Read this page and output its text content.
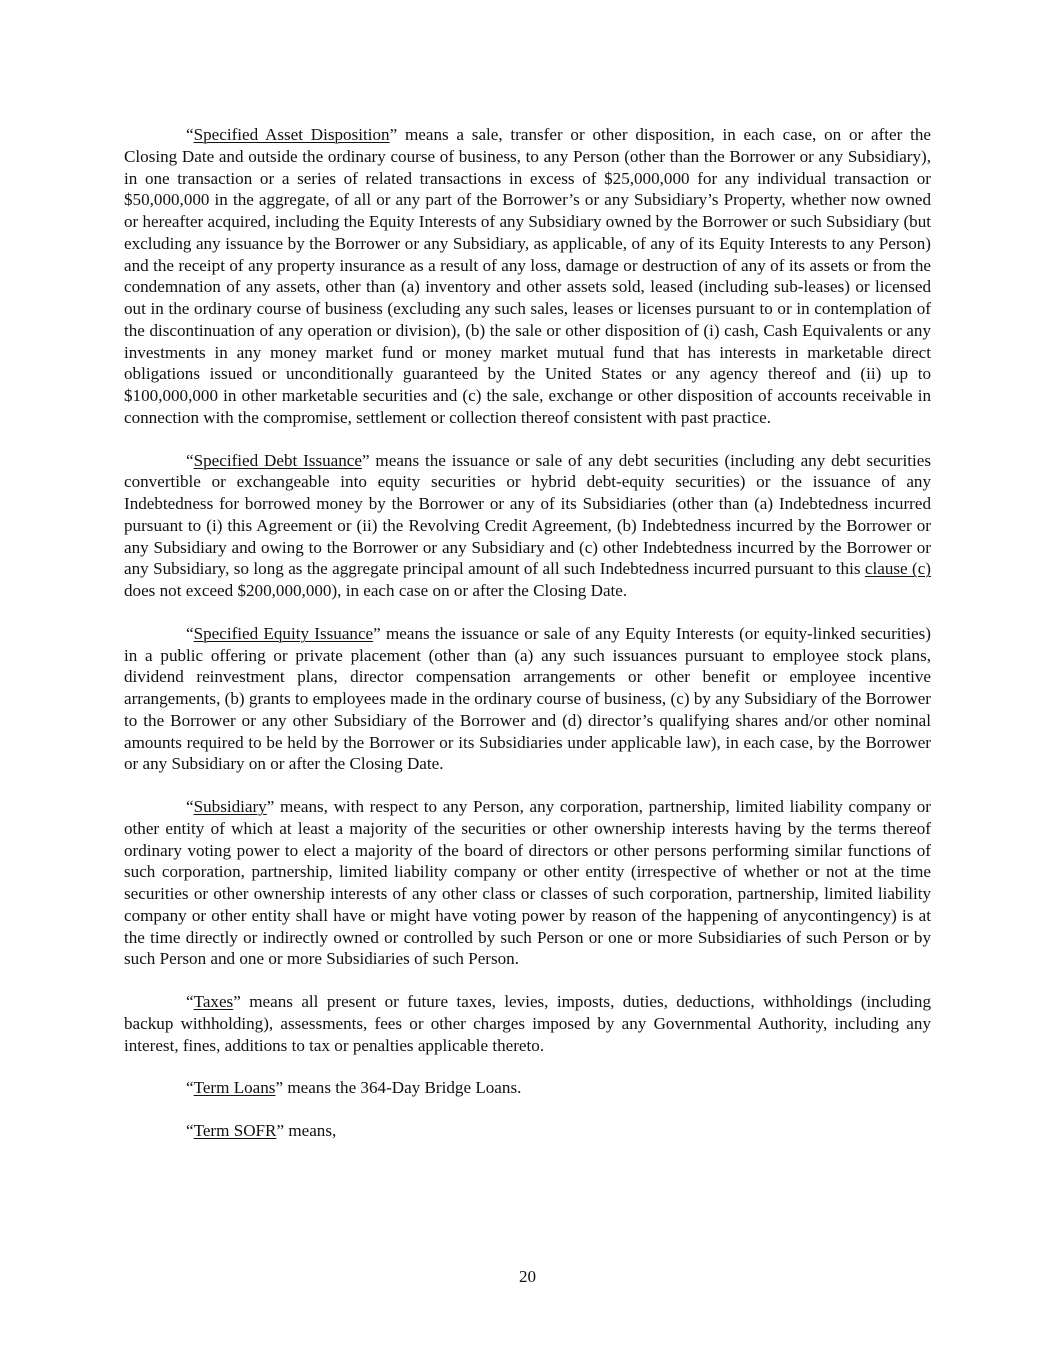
“Specified Asset Disposition” means a sale, transfer or other disposition, in each case, on or after the Closing Date and outside the ordinary course of business, to any Person (other than the Borrower or any Subsidiary), in one transaction or a series of related transactions in excess of $25,000,000 for any individual transaction or $50,000,000 in the aggregate, of all or any part of the Borrower’s or any Subsidiary’s Property, whether now owned or hereafter acquired, including the Equity Interests of any Subsidiary owned by the Borrower or such Subsidiary (but excluding any issuance by the Borrower or any Subsidiary, as applicable, of any of its Equity Interests to any Person) and the receipt of any property insurance as a result of any loss, damage or destruction of any of its assets or from the condemnation of any assets, other than (a) inventory and other assets sold, leased (including sub-leases) or licensed out in the ordinary course of business (excluding any such sales, leases or licenses pursuant to or in contemplation of the discontinuation of any operation or division), (b) the sale or other disposition of (i) cash, Cash Equivalents or any investments in any money market fund or money market mutual fund that has interests in marketable direct obligations issued or unconditionally guaranteed by the United States or any agency thereof and (ii) up to $100,000,000 in other marketable securities and (c) the sale, exchange or other disposition of accounts receivable in connection with the compromise, settlement or collection thereof consistent with past practice.

“Specified Debt Issuance” means the issuance or sale of any debt securities (including any debt securities convertible or exchangeable into equity securities or hybrid debt-equity securities) or the issuance of any Indebtedness for borrowed money by the Borrower or any of its Subsidiaries (other than (a) Indebtedness incurred pursuant to (i) this Agreement or (ii) the Revolving Credit Agreement, (b) Indebtedness incurred by the Borrower or any Subsidiary and owing to the Borrower or any Subsidiary and (c) other Indebtedness incurred by the Borrower or any Subsidiary, so long as the aggregate principal amount of all such Indebtedness incurred pursuant to this clause (c) does not exceed $200,000,000), in each case on or after the Closing Date.

“Specified Equity Issuance” means the issuance or sale of any Equity Interests (or equity-linked securities) in a public offering or private placement (other than (a) any such issuances pursuant to employee stock plans, dividend reinvestment plans, director compensation arrangements or other benefit or employee incentive arrangements, (b) grants to employees made in the ordinary course of business, (c) by any Subsidiary of the Borrower to the Borrower or any other Subsidiary of the Borrower and (d) director’s qualifying shares and/or other nominal amounts required to be held by the Borrower or its Subsidiaries under applicable law), in each case, by the Borrower or any Subsidiary on or after the Closing Date.

“Subsidiary” means, with respect to any Person, any corporation, partnership, limited liability company or other entity of which at least a majority of the securities or other ownership interests having by the terms thereof ordinary voting power to elect a majority of the board of directors or other persons performing similar functions of such corporation, partnership, limited liability company or other entity (irrespective of whether or not at the time securities or other ownership interests of any other class or classes of such corporation, partnership, limited liability company or other entity shall have or might have voting power by reason of the happening of anycontingency) is at the time directly or indirectly owned or controlled by such Person or one or more Subsidiaries of such Person or by such Person and one or more Subsidiaries of such Person.

“Taxes” means all present or future taxes, levies, imposts, duties, deductions, withholdings (including backup withholding), assessments, fees or other charges imposed by any Governmental Authority, including any interest, fines, additions to tax or penalties applicable thereto.

“Term Loans” means the 364-Day Bridge Loans.

“Term SOFR” means,

20
